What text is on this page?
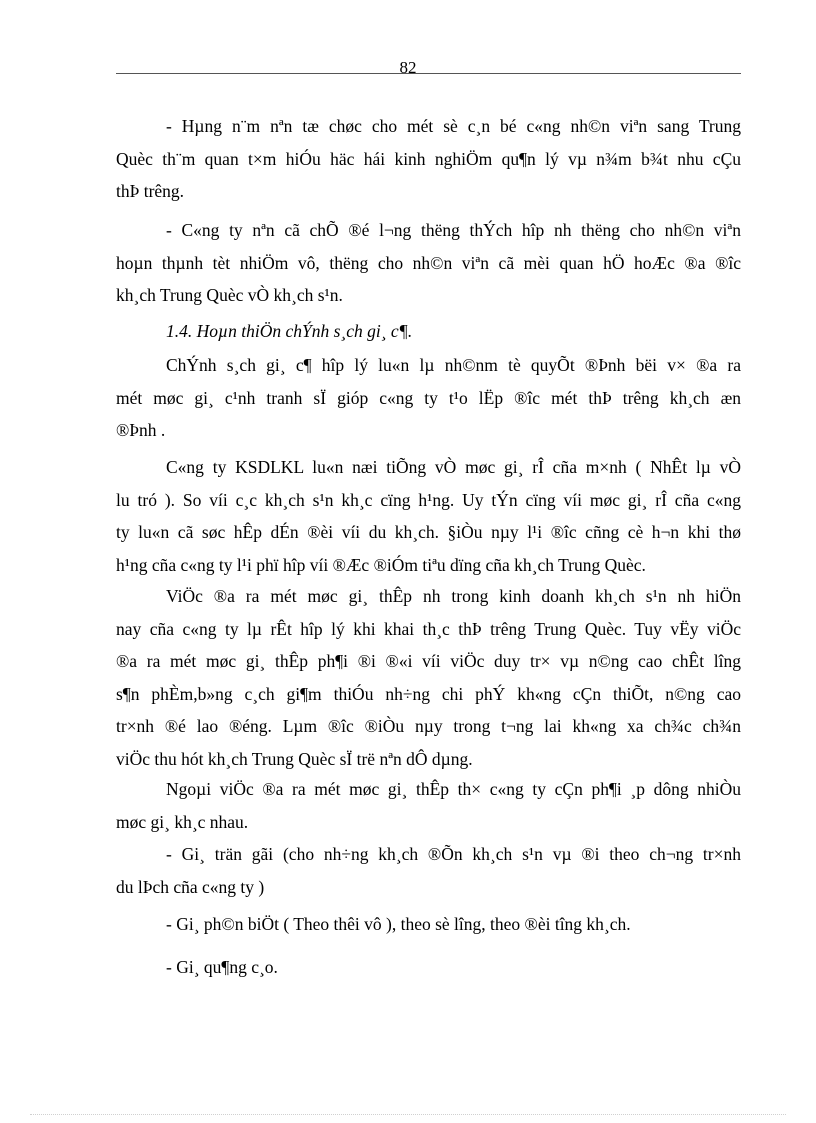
82
- Hµng n¨m nªn tæ chøc cho mét sè c¸n bé c«ng nh©n viªn sang Trung
Quèc th¨m quan t×m hiÓu häc hái kinh nghiÖm qu¶n lý vµ n¾m b¾t nhu cÇu
thÞ trêng.
- C«ng ty nªn cã chÕ ®é l¬ng thëng thÝch hîp nh thëng cho nh©n viªn
hoµn thµnh tèt nhiÖm vô, thëng cho nh©n viªn cã mèi quan hÖ hoÆc ®a ®îc
kh¸ch Trung Quèc vÒ kh¸ch s¹n.
1.4. Hoµn thiÖn chÝnh s¸ch gi¸ c¶.
ChÝnh s¸ch gi¸ c¶ hîp lý lu«n lµ nh©nm tè quyÕt ®Þnh bëi v× ®a ra
mét møc gi¸ c¹nh tranh sÏ gióp c«ng ty t¹o lËp ®îc mét thÞ trêng kh¸ch æn
®Þnh .
C«ng ty KSDLKL lu«n næi tiÕng vÒ møc gi¸ rÎ cña m×nh ( NhÊt lµ vÒ
lu tró ). So víi c¸c kh¸ch s¹n kh¸c cïng h¹ng. Uy tÝn cïng víi møc gi¸ rÎ cña c«ng
ty lu«n cã søc hÊp dÉn ®èi víi du kh¸ch. §iÒu nµy l¹i ®îc cñng cè h¬n khi thø
h¹ng cña c«ng ty l¹i phï hîp víi ®Æc ®iÓm tiªu dïng cña kh¸ch Trung Quèc.
ViÖc ®a ra mét møc gi¸ thÊp nh trong kinh doanh kh¸ch s¹n nh hiÖn
nay cña c«ng ty lµ rÊt hîp lý khi khai th¸c thÞ trêng Trung Quèc. Tuy vËy viÖc
®a ra mét møc gi¸ thÊp ph¶i ®i ®«i víi viÖc duy tr× vµ n©ng cao chÊt lîng
s¶n phÈm,b»ng c¸ch gi¶m thiÓu nh÷ng chi phÝ kh«ng cÇn thiÕt, n©ng cao
tr×nh ®é lao ®éng. Lµm ®îc ®iÒu nµy trong t¬ng lai kh«ng xa ch¾c ch¾n
viÖc thu hót kh¸ch Trung Quèc sÏ trë nªn dÔ dµng.
Ngoµi viÖc ®a ra mét møc gi¸ thÊp th× c«ng ty cÇn ph¶i ¸p dông nhiÒu
møc gi¸ kh¸c nhau.
- Gi¸ trän gãi (cho nh÷ng kh¸ch ®Õn kh¸ch s¹n vµ ®i theo ch¬ng tr×nh
du lÞch cña c«ng ty )
- Gi¸ ph©n biÖt ( Theo thêi vô ), theo sè lîng, theo ®èi tîng kh¸ch.
- Gi¸ qu¶ng c¸o.
